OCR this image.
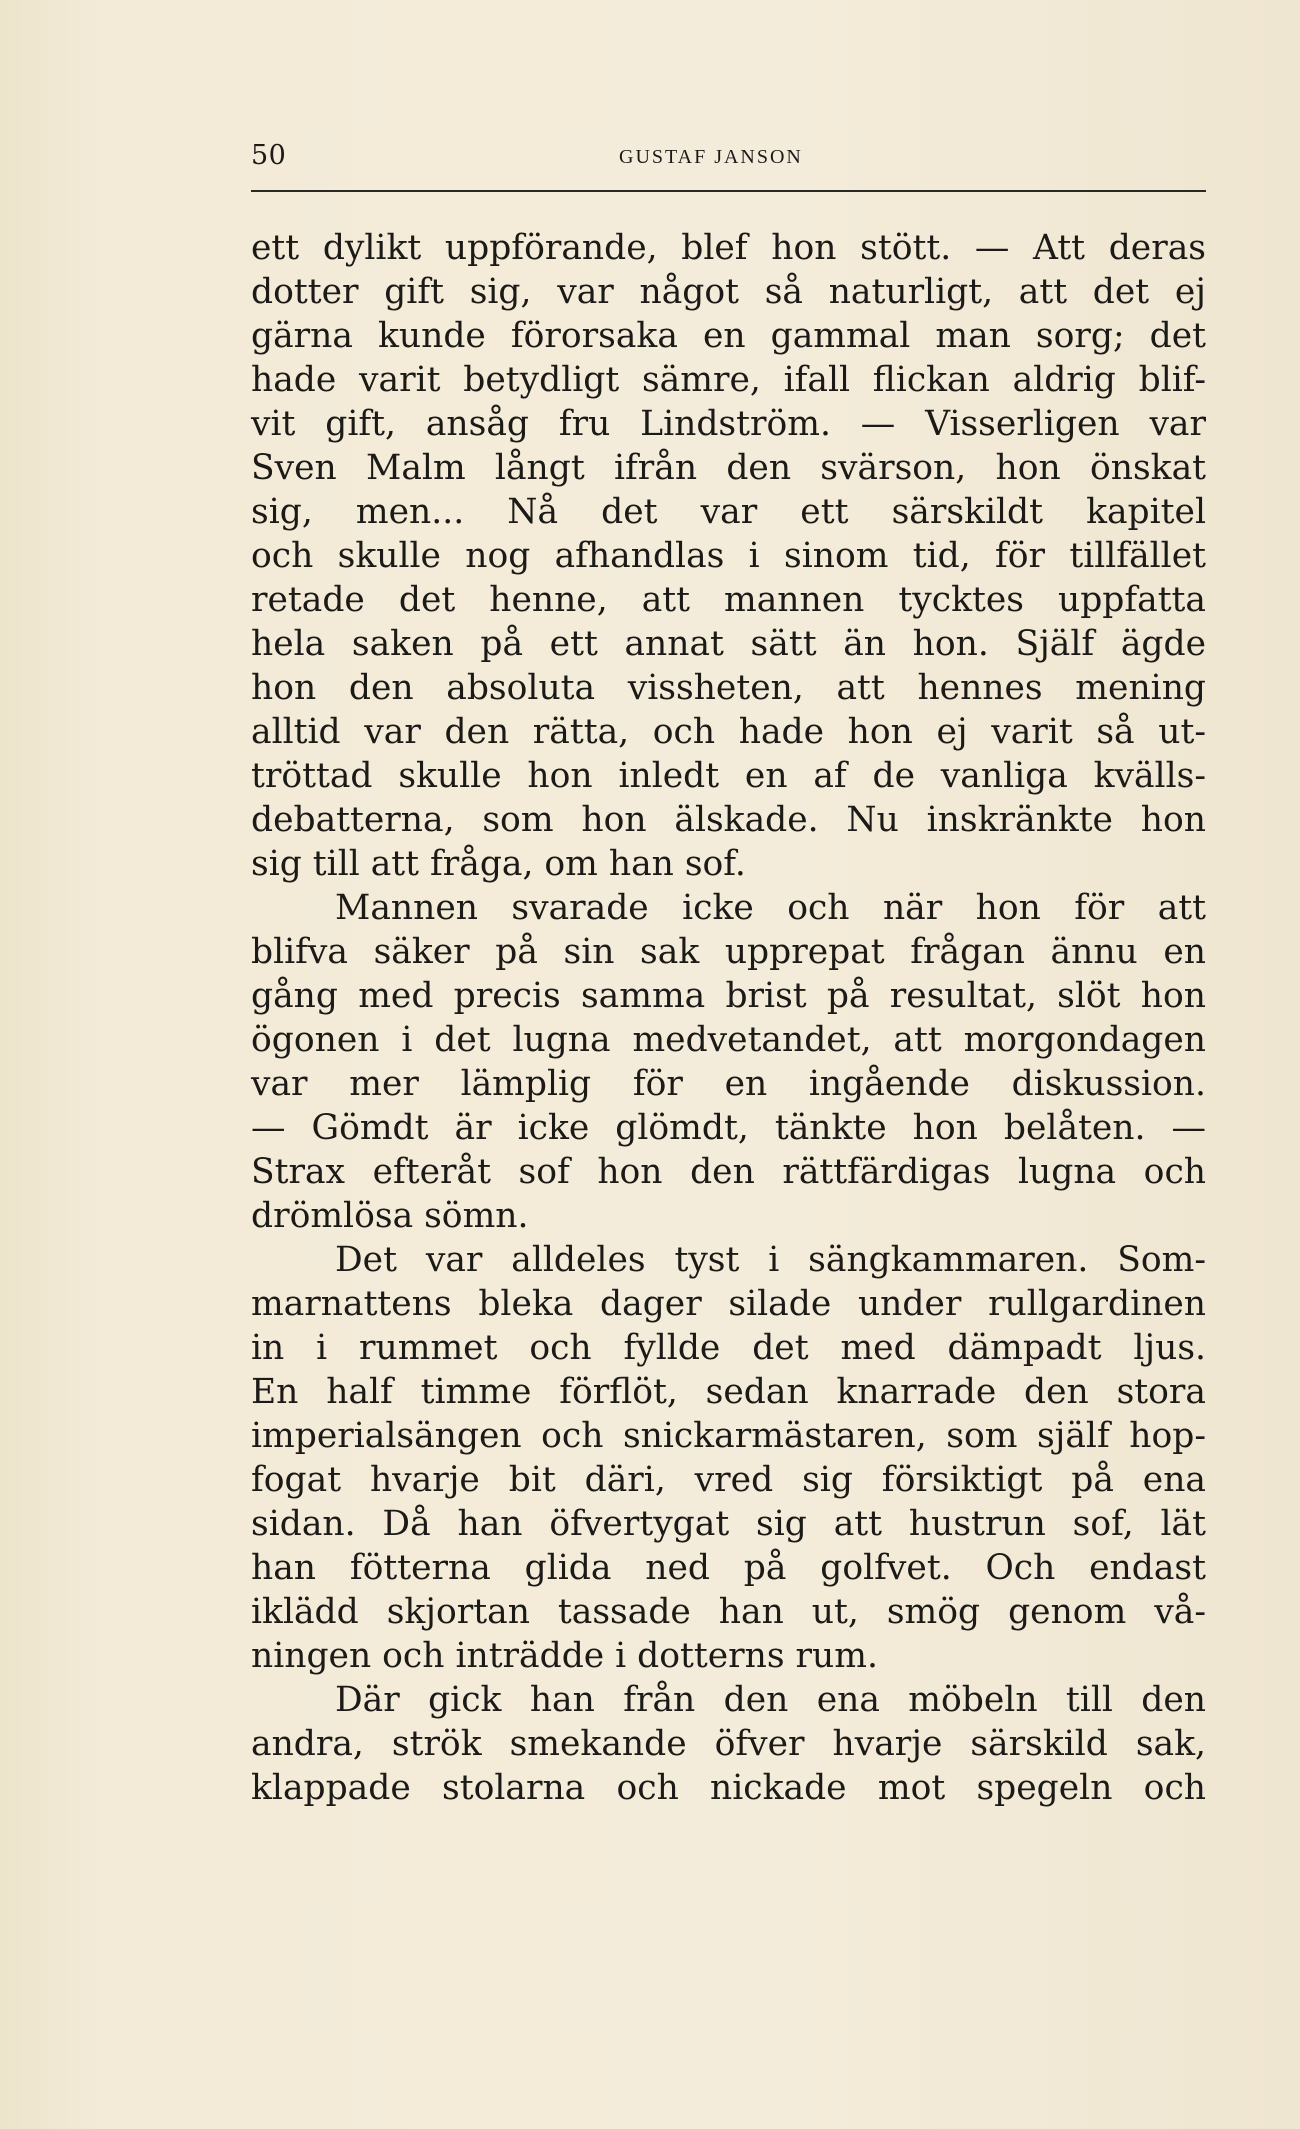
50	GUSTAF JANSON
ett dylikt uppförande, blef hon stött. — Att deras
dotter gift sig, var något så naturligt, att det ej
gärna kunde förorsaka en gammal man sorg; det
hade varit betydligt sämre, ifall flickan aldrig blif-
vit gift, ansåg fru Lindström. — Visserligen var
Sven Malm långt ifrån den svärson, hon önskat
sig, men... Nå det var ett särskildt kapitel
och skulle nog afhandlas i sinom tid, för tillfället
retade det henne, att mannen tycktes uppfatta
hela saken på ett annat sätt än hon. Själf ägde
hon den absoluta vissheten, att hennes mening
alltid var den rätta, och hade hon ej varit så ut-
tröttad skulle hon inledt en af de vanliga kvälls-
debatterna, som hon älskade. Nu inskränkte hon
sig till att fråga, om han sof.
Mannen svarade icke och när hon för att
blifva säker på sin sak upprepat frågan ännu en
gång med precis samma brist på resultat, slöt hon
ögonen i det lugna medvetandet, att morgondagen
var mer lämplig för en ingående diskussion.
— Gömdt är icke glömdt, tänkte hon belåten. —
Strax efteråt sof hon den rättfärdigas lugna och
drömlösa sömn.
Det var alldeles tyst i sängkammaren. Som-
marnattens bleka dager silade under rullgardinen
in i rummet och fyllde det med dämpadt ljus.
En half timme förflöt, sedan knarrade den stora
imperialsängen och snickarmästaren, som själf hop-
fogat hvarje bit däri, vred sig försiktigt på ena
sidan. Då han öfvertygat sig att hustrun sof, lät
han fötterna glida ned på golfvet. Och endast
iklädd skjortan tassade han ut, smög genom vå-
ningen och inträdde i dotterns rum.
Där gick han från den ena möbeln till den
andra, strök smekande öfver hvarje särskild sak,
klappade stolarna och nickade mot spegeln och
